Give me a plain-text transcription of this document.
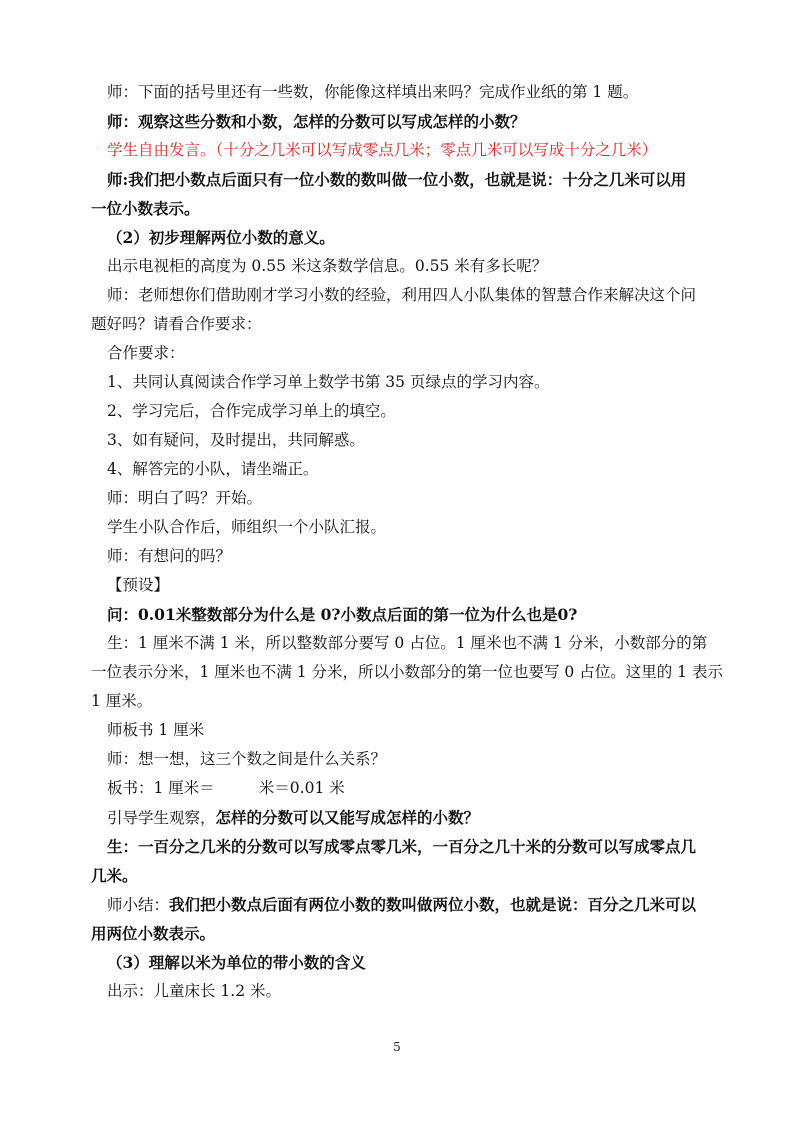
师：下面的括号里还有一些数，你能像这样填出来吗？完成作业纸的第 1 题。

师：观察这些分数和小数，怎样的分数可以写成怎样的小数？

学生自由发言。（十分之几米可以写成零点几米；零点几米可以写成十分之几米）

师:我们把小数点后面只有一位小数的数叫做一位小数，也就是说：十分之几米可以用

一位小数表示。

（2）初步理解两位小数的意义。

出示电视柜的高度为 0.55 米这条数学信息。0.55 米有多长呢？

师：老师想你们借助刚才学习小数的经验，利用四人小队集体的智慧合作来解决这个问

题好吗？请看合作要求：

合作要求：

1、共同认真阅读合作学习单上数学书第 35 页绿点的学习内容。

2、学习完后，合作完成学习单上的填空。

3、如有疑问，及时提出，共同解惑。

4、解答完的小队，请坐端正。

师：明白了吗？开始。

学生小队合作后，师组织一个小队汇报。

师：有想问的吗？

【预设】

问：0.01米整数部分为什么是 0?小数点后面的第一位为什么也是0?

生：1 厘米不满 1 米，所以整数部分要写 0 占位。1 厘米也不满 1 分米，小数部分的第

一位表示分米，1 厘米也不满 1 分米，所以小数部分的第一位也要写 0 占位。这里的 1 表示

1 厘米。

师板书 1 厘米

师：想一想，这三个数之间是什么关系？

板书：1 厘米＝	米＝0.01 米

引导学生观察，怎样的分数可以又能写成怎样的小数？

生：一百分之几米的分数可以写成零点零几米，一百分之几十米的分数可以写成零点几

几米。

师小结：我们把小数点后面有两位小数的数叫做两位小数，也就是说：百分之几米可以

用两位小数表示。

（3）理解以米为单位的带小数的含义

出示：儿童床长 1.2 米。

5
